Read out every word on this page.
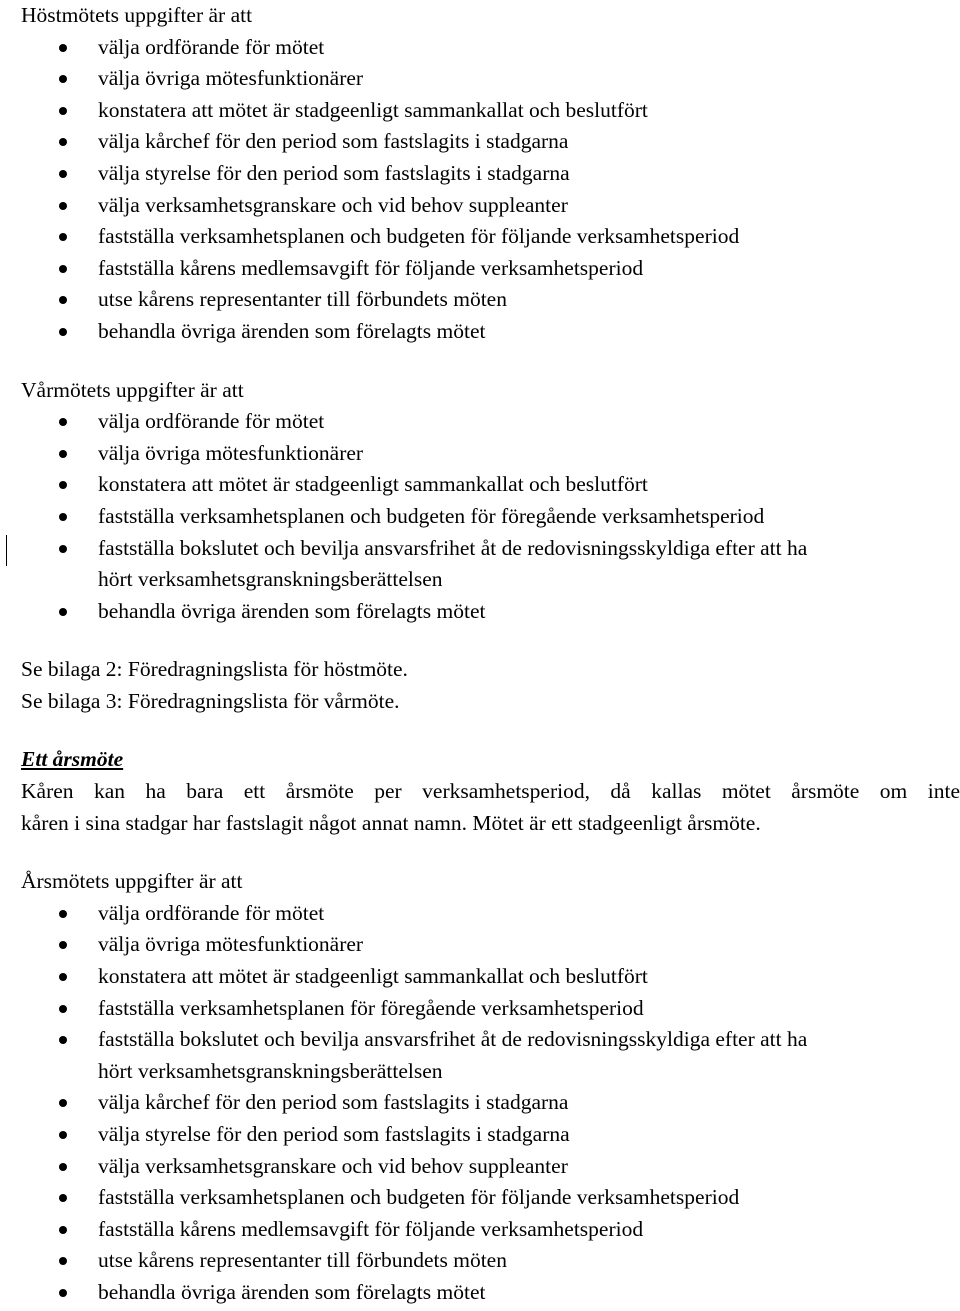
Höstmötets uppgifter är att

välja ordförande för mötet
välja övriga mötesfunktionärer
konstatera att mötet är stadgeenligt sammankallat och beslutfört
välja kårchef för den period som fastslagits i stadgarna
välja styrelse för den period som fastslagits i stadgarna
välja verksamhetsgranskare och vid behov suppleanter
fastställa verksamhetsplanen och budgeten för följande verksamhetsperiod
fastställa kårens medlemsavgift för följande verksamhetsperiod
utse kårens representanter till förbundets möten
behandla övriga ärenden som förelagts mötet

Vårmötets uppgifter är att

välja ordförande för mötet
välja övriga mötesfunktionärer
konstatera att mötet är stadgeenligt sammankallat och beslutfört
fastställa verksamhetsplanen och budgeten för föregående verksamhetsperiod
fastställa bokslutet och bevilja ansvarsfrihet åt de redovisningsskyldiga efter att ha
hört verksamhetsgranskningsberättelsen
behandla övriga ärenden som förelagts mötet

Se bilaga 2: Föredragningslista för höstmöte.

Se bilaga 3: Föredragningslista för vårmöte.

Ett årsmöte

Kåren kan ha bara ett årsmöte per verksamhetsperiod, då kallas mötet årsmöte om inte
kåren i sina stadgar har fastslagit något annat namn. Mötet är ett stadgeenligt årsmöte.

Årsmötets uppgifter är att

välja ordförande för mötet
välja övriga mötesfunktionärer
konstatera att mötet är stadgeenligt sammankallat och beslutfört
fastställa verksamhetsplanen för föregående verksamhetsperiod
fastställa bokslutet och bevilja ansvarsfrihet åt de redovisningsskyldiga efter att ha
hört verksamhetsgranskningsberättelsen
välja kårchef för den period som fastslagits i stadgarna
välja styrelse för den period som fastslagits i stadgarna
välja verksamhetsgranskare och vid behov suppleanter
fastställa verksamhetsplanen och budgeten för följande verksamhetsperiod
fastställa kårens medlemsavgift för följande verksamhetsperiod
utse kårens representanter till förbundets möten
behandla övriga ärenden som förelagts mötet
